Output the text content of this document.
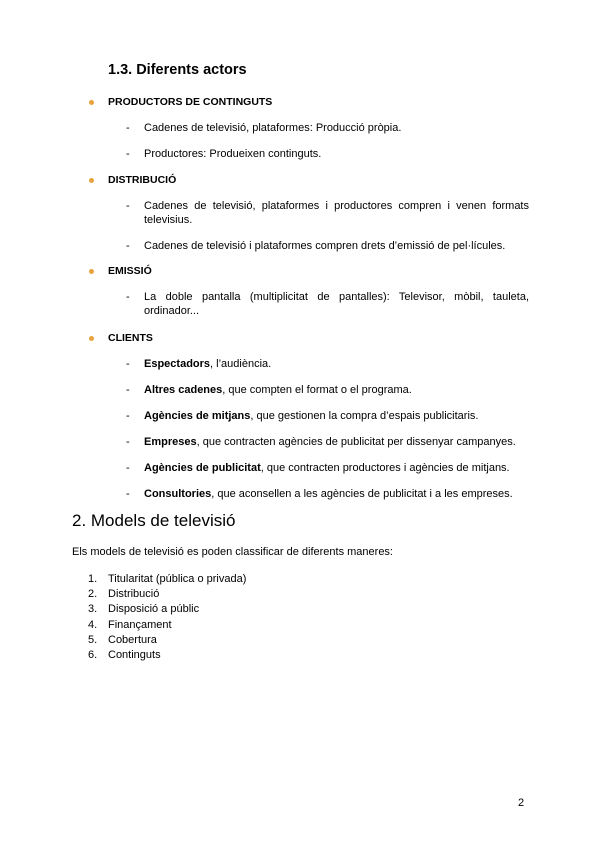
1.3. Diferents actors
PRODUCTORS DE CONTINGUTS
- Cadenes de televisió, plataformes: Producció pròpia.
- Productores: Produeixen continguts.
DISTRIBUCIÓ
- Cadenes de televisió, plataformes i productores compren i venen formats televisius.
- Cadenes de televisió i plataformes compren drets d’emissió de pel·lícules.
EMISSIÓ
- La doble pantalla (multiplicitat de pantalles): Televisor, mòbil, tauleta, ordinador...
CLIENTS
- Espectadors, l’audiència.
- Altres cadenes, que compten el format o el programa.
- Agències de mitjans, que gestionen la compra d’espais publicitaris.
- Empreses, que contracten agències de publicitat per dissenyar campanyes.
- Agències de publicitat, que contracten productores i agències de mitjans.
- Consultories, que aconsellen a les agències de publicitat i a les empreses.
2. Models de televisió

Els models de televisió es poden classificar de diferents maneres:

1. Titularitat (pública o privada)
2. Distribució
3. Disposició a públic
4. Finançament
5. Cobertura
6. Continguts
2
